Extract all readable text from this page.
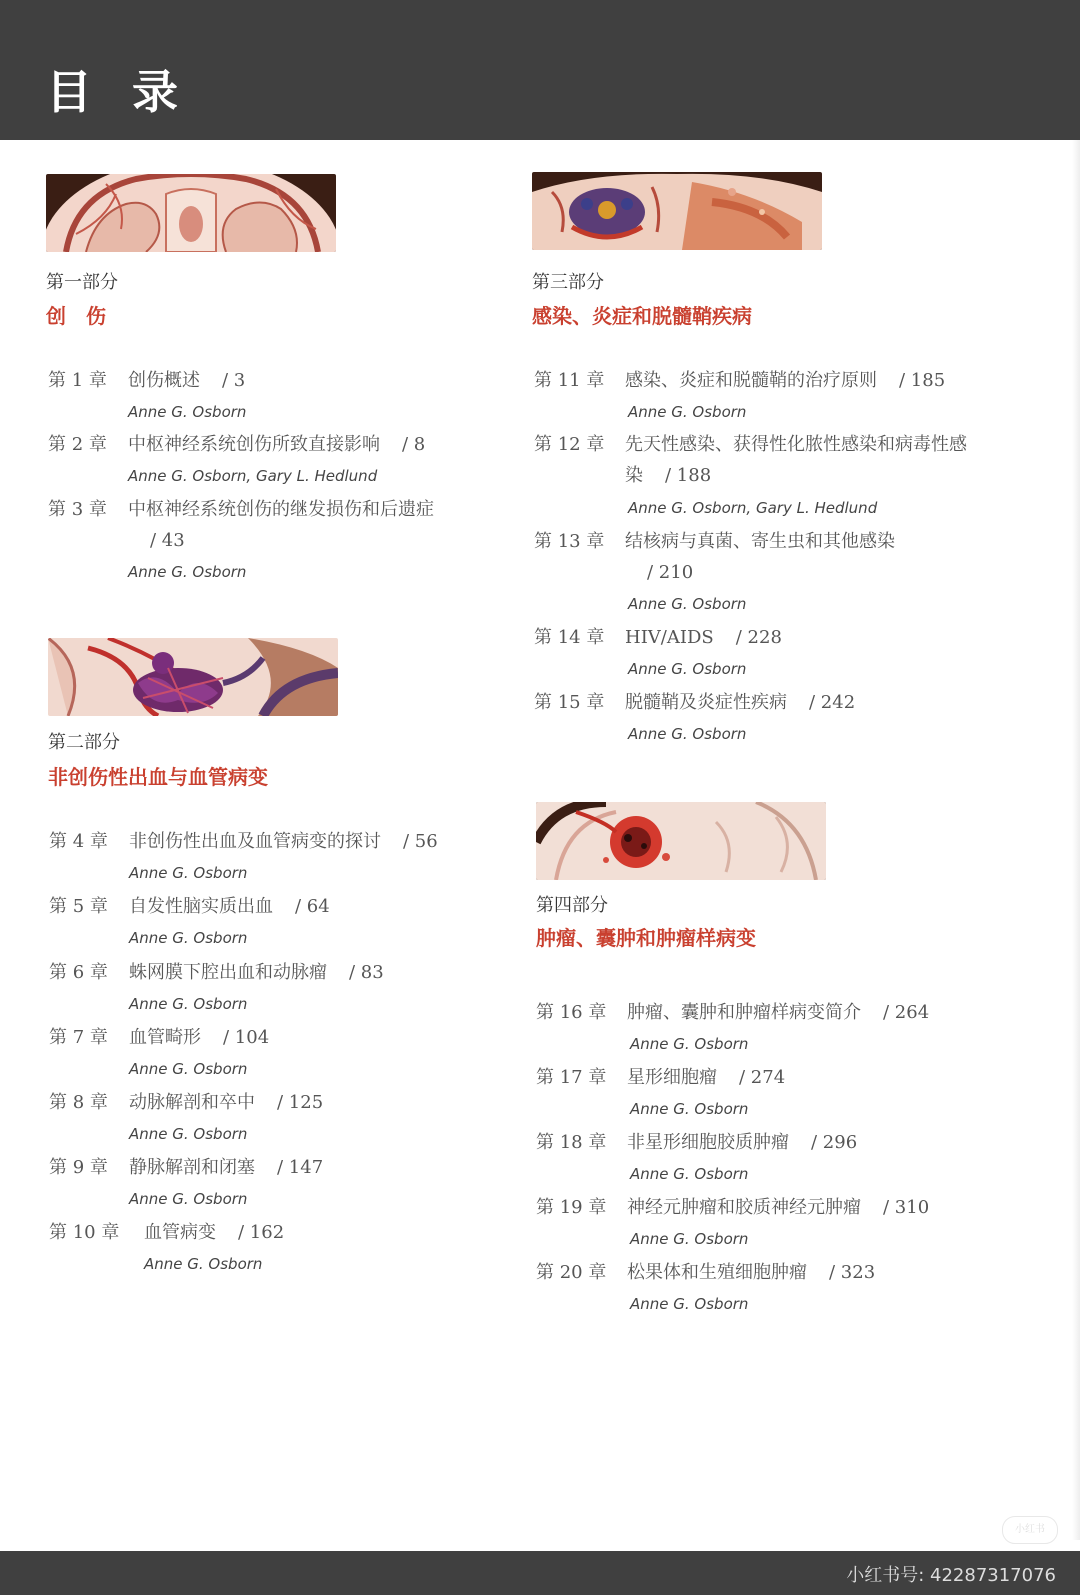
目录
第一部分
创　伤
第 1 章 创伤概述 / 3
Anne G. Osborn
第 2 章 中枢神经系统创伤所致直接影响 / 8
Anne G. Osborn, Gary L. Hedlund
第 3 章 中枢神经系统创伤的继发损伤和后遗症
/ 43
Anne G. Osborn
第二部分
非创伤性出血与血管病变
第 4 章 非创伤性出血及血管病变的探讨 / 56
Anne G. Osborn
第 5 章 自发性脑实质出血 / 64
Anne G. Osborn
第 6 章 蛛网膜下腔出血和动脉瘤 / 83
Anne G. Osborn
第 7 章 血管畸形 / 104
Anne G. Osborn
第 8 章 动脉解剖和卒中 / 125
Anne G. Osborn
第 9 章 静脉解剖和闭塞 / 147
Anne G. Osborn
第 10 章 血管病变 / 162
Anne G. Osborn
第三部分
感染、炎症和脱髓鞘疾病
第 11 章 感染、炎症和脱髓鞘的治疗原则 / 185
Anne G. Osborn
第 12 章 先天性感染、获得性化脓性感染和病毒性感染 / 188
Anne G. Osborn, Gary L. Hedlund
第 13 章 结核病与真菌、寄生虫和其他感染
/ 210
Anne G. Osborn
第 14 章 HIV/AIDS / 228
Anne G. Osborn
第 15 章 脱髓鞘及炎症性疾病 / 242
Anne G. Osborn
第四部分
肿瘤、囊肿和肿瘤样病变
第 16 章 肿瘤、囊肿和肿瘤样病变简介 / 264
Anne G. Osborn
第 17 章 星形细胞瘤 / 274
Anne G. Osborn
第 18 章 非星形细胞胶质肿瘤 / 296
Anne G. Osborn
第 19 章 神经元肿瘤和胶质神经元肿瘤 / 310
Anne G. Osborn
第 20 章 松果体和生殖细胞肿瘤 / 323
Anne G. Osborn
小红书
小红书号: 42287317076
